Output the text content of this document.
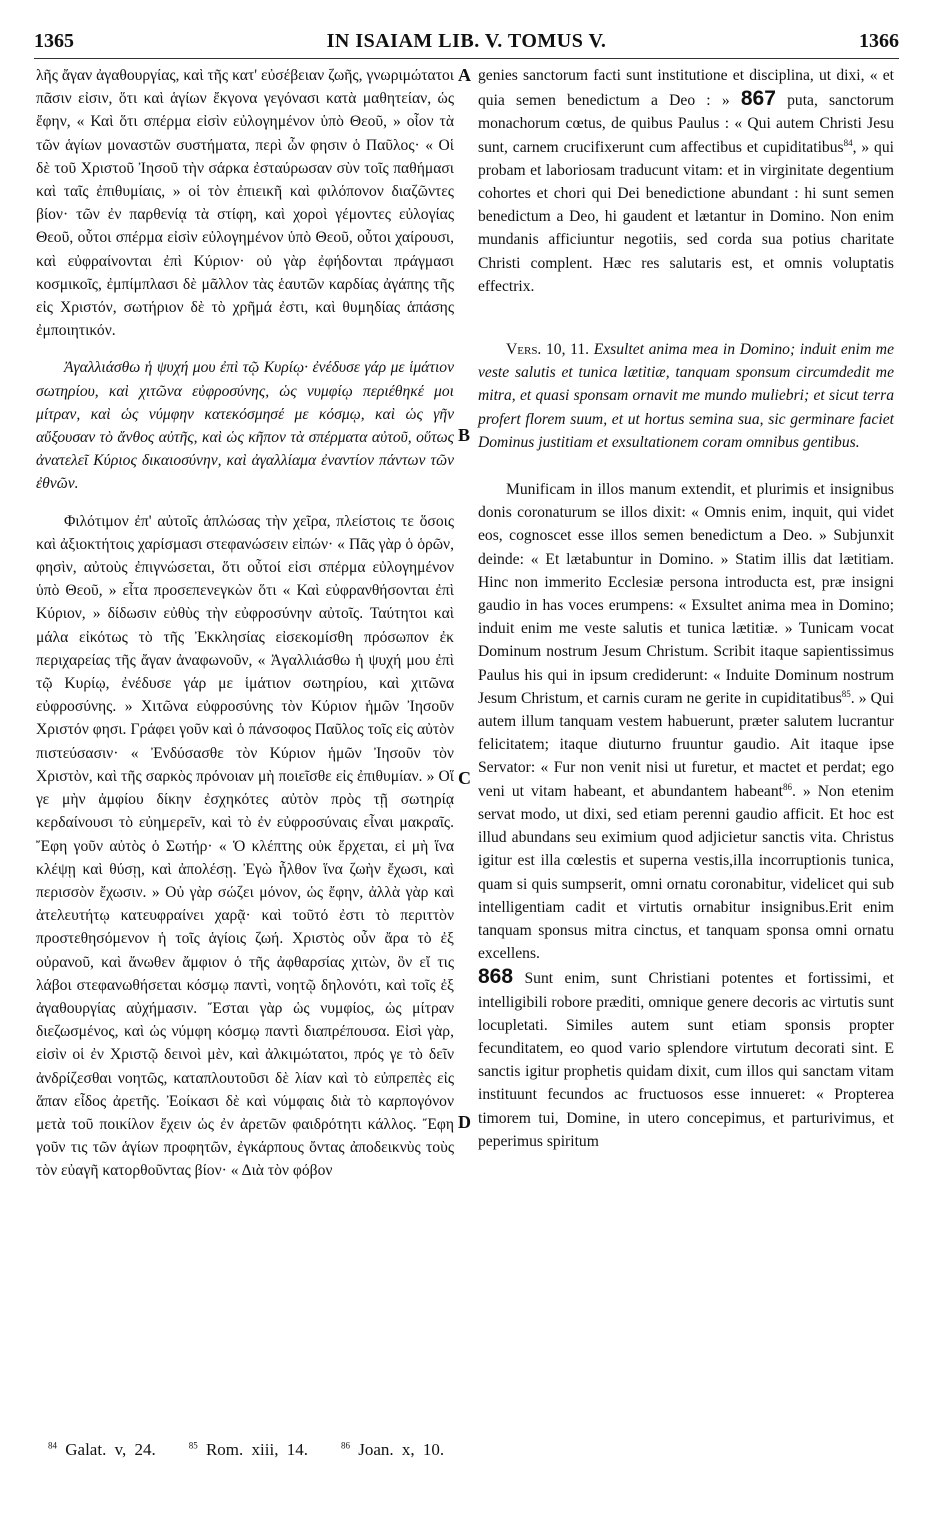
1365	IN ISAIAM LIB. V. TOMUS V.	1366
A
B
C
D

λῆς ἄγαν ἀγαθουργίας, καὶ τῆς κατ' εὐσέβειαν ζωῆς, γνωριμώτατοι πᾶσιν εἰσιν, ὅτι καὶ ἁγίων ἔκγονα γεγόνασι κατὰ μαθητείαν, ὡς ἔφην, « Καὶ ὅτι σπέρμα εἰσὶν εὐλογημένον ὑπὸ Θεοῦ, » οἷον τὰ τῶν ἁγίων μοναστῶν συστήματα, περὶ ὧν φησιν ὁ Παῦλος· « Οἱ δὲ τοῦ Χριστοῦ Ἰησοῦ τὴν σάρκα ἐσταύρωσαν σὺν τοῖς παθήμασι καὶ ταῖς ἐπιθυμίαις, » οἱ τὸν ἐπιεικῆ καὶ φιλόπονον διαζῶντες βίον· τῶν ἐν παρθενίᾳ τὰ στίφη, καὶ χοροὶ γέμοντες εὐλογίας Θεοῦ, οὗτοι σπέρμα εἰσὶν εὐλογημένον ὑπὸ Θεοῦ, οὗτοι χαίρουσι, καὶ εὐφραίνονται ἐπὶ Κύριον· οὐ γὰρ ἐφήδονται πράγμασι κοσμικοῖς, ἐμπίμπλασι δὲ μᾶλλον τὰς ἑαυτῶν καρδίας ἀγάπης τῆς εἰς Χριστόν, σωτήριον δὲ τὸ χρῆμά ἐστι, καὶ θυμηδίας ἁπάσης ἐμποιητικόν.

Ἀγαλλιάσθω ἡ ψυχή μου ἐπὶ τῷ Κυρίῳ· ἐνέδυσε γάρ με ἱμάτιον σωτηρίου, καὶ χιτῶνα εὐφροσύνης, ὡς νυμφίῳ περιέθηκέ μοι μίτραν, καὶ ὡς νύμφην κατεκόσμησέ με κόσμῳ, καὶ ὡς γῆν αὔξουσαν τὸ ἄνθος αὐτῆς, καὶ ὡς κῆπον τὰ σπέρματα αὐτοῦ, οὕτως ἀνατελεῖ Κύριος δικαιοσύνην, καὶ ἀγαλλίαμα ἐναντίον πάντων τῶν ἐθνῶν.

Φιλότιμον ἐπ' αὐτοῖς ἁπλώσας τὴν χεῖρα, πλείστοις τε ὅσοις καὶ ἀξιοκτήτοις χαρίσμασι στεφανώσειν εἰπών· « Πᾶς γὰρ ὁ ὁρῶν, φησὶν, αὐτοὺς ἐπιγνώσεται, ὅτι οὗτοί εἰσι σπέρμα εὐλογημένον ὑπὸ Θεοῦ, » εἶτα προσεπενεγκὼν ὅτι « Καὶ εὐφρανθήσονται ἐπὶ Κύριον, » δίδωσιν εὐθὺς τὴν εὐφροσύνην αὐτοῖς. Ταύτητοι καὶ μάλα εἰκότως τὸ τῆς Ἐκκλησίας εἰσεκομίσθη πρόσωπον ἐκ περιχαρείας τῆς ἄγαν ἀναφωνοῦν, « Ἀγαλλιάσθω ἡ ψυχή μου ἐπὶ τῷ Κυρίῳ, ἐνέδυσε γάρ με ἱμάτιον σωτηρίου, καὶ χιτῶνα εὐφροσύνης. » Χιτῶνα εὐφροσύνης τὸν Κύριον ἡμῶν Ἰησοῦν Χριστόν φησι. Γράφει γοῦν καὶ ὁ πάνσοφος Παῦλος τοῖς εἰς αὐτὸν πιστεύσασιν· « Ἐνδύσασθε τὸν Κύριον ἡμῶν Ἰησοῦν τὸν Χριστὸν, καὶ τῆς σαρκὸς πρόνοιαν μὴ ποιεῖσθε εἰς ἐπιθυμίαν. » Οἵ γε μὴν ἀμφίου δίκην ἐσχηκότες αὐτὸν πρὸς τῇ σωτηρίᾳ κερδαίνουσι τὸ εὐημερεῖν, καὶ τὸ ἐν εὐφροσύναις εἶναι μακραῖς. Ἔφη γοῦν αὐτὸς ὁ Σωτήρ· « Ὁ κλέπτης οὐκ ἔρχεται, εἰ μὴ ἵνα κλέψῃ καὶ θύσῃ, καὶ ἀπολέσῃ. Ἐγὼ ἦλθον ἵνα ζωὴν ἔχωσι, καὶ περισσὸν ἔχωσιν. » Οὐ γὰρ σώζει μόνον, ὡς ἔφην, ἀλλὰ γὰρ καὶ ἀτελευτήτῳ κατευφραίνει χαρᾷ· καὶ τοῦτό ἐστι τὸ περιττὸν προστεθησόμενον ἡ τοῖς ἁγίοις ζωή. Χριστὸς οὖν ἄρα τὸ ἐξ οὐρανοῦ, καὶ ἄνωθεν ἄμφιον ὁ τῆς ἀφθαρσίας χιτὼν, ὃν εἴ τις λάβοι στεφανωθήσεται κόσμῳ παντὶ, νοητῷ δηλονότι, καὶ τοῖς ἐξ ἀγαθουργίας αὐχήμασιν. Ἔσται γὰρ ὡς νυμφίος, ὡς μίτραν διεζωσμένος, καὶ ὡς νύμφη κόσμῳ παντὶ διαπρέπουσα. Εἰσὶ γὰρ, εἰσὶν οἱ ἐν Χριστῷ δεινοὶ μὲν, καὶ ἀλκιμώτατοι, πρός γε τὸ δεῖν ἀνδρίζεσθαι νοητῶς, καταπλουτοῦσι δὲ λίαν καὶ τὸ εὐπρεπὲς εἰς ἅπαν εἶδος ἀρετῆς. Ἐοίκασι δὲ καὶ νύμφαις διὰ τὸ καρπογόνον μετὰ τοῦ ποικίλον ἔχειν ὡς ἐν ἀρετῶν φαιδρότητι κάλλος. Ἔφη γοῦν τις τῶν ἁγίων προφητῶν, ἐγκάρπους ὄντας ἀποδεικνὺς τοὺς τὸν εὐαγῆ κατορθοῦντας βίον· « Διὰ τὸν φόβον

genies sanctorum facti sunt institutione et disciplina, ut dixi, « et quia semen benedictum a Deo : » 867 puta, sanctorum monachorum cœtus, de quibus Paulus : « Qui autem Christi Jesu sunt, carnem crucifixerunt cum affectibus et cupiditatibus$^{84}$, » qui probam et laboriosam traducunt vitam: et in virginitate degentium cohortes et chori qui Dei benedictione abundant : hi sunt semen benedictum a Deo, hi gaudent et lætantur in Domino. Non enim mundanis afficiuntur negotiis, sed corda sua potius charitate Christi complent. Hæc res salutaris est, et omnis voluptatis effectrix.

Vers. 10, 11. Exsultet anima mea in Domino; induit enim me veste salutis et tunica lætitiæ, tanquam sponsum circumdedit me mitra, et quasi sponsam ornavit me mundo muliebri; et sicut terra profert florem suum, et ut hortus semina sua, sic germinare faciet Dominus justitiam et exsultationem coram omnibus gentibus.

Munificam in illos manum extendit, et plurimis et insignibus donis coronaturum se illos dixit: « Omnis enim, inquit, qui videt eos, cognoscet esse illos semen benedictum a Deo. » Subjunxit deinde: « Et lætabuntur in Domino. » Statim illis dat lætitiam. Hinc non immerito Ecclesiæ persona introducta est, præ insigni gaudio in has voces erumpens: « Exsultet anima mea in Domino; induit enim me veste salutis et tunica lætitiæ. » Tunicam vocat Dominum nostrum Jesum Christum. Scribit itaque sapientissimus Paulus his qui in ipsum crediderunt: « Induite Dominum nostrum Jesum Christum, et carnis curam ne gerite in cupiditatibus$^{85}$. » Qui autem illum tanquam vestem habuerunt, præter salutem lucrantur felicitatem; itaque diuturno fruuntur gaudio. Ait itaque ipse Servator: « Fur non venit nisi ut furetur, et mactet et perdat; ego veni ut vitam habeant, et abundantem habeant$^{86}$. » Non etenim servat modo, ut dixi, sed etiam perenni gaudio afficit. Et hoc est illud abundans seu eximium quod adjicietur sanctis vita. Christus igitur est illa cœlestis et superna vestis,illa incorruptionis tunica, quam si quis sumpserit, omni ornatu coronabitur, videlicet qui sub intelligentiam cadit et virtutis ornabitur insignibus.Erit enim tanquam sponsus mitra cinctus, et tanquam sponsa omni ornatu excellens.

868 Sunt enim, sunt Christiani potentes et fortissimi, et intelligibili robore præditi, omnique genere decoris ac virtutis sunt locupletati. Similes autem sunt etiam sponsis propter fecunditatem, eo quod vario splendore virtutum decorati sint. E sanctis igitur prophetis quidam dixit, cum illos qui sanctam vitam instituunt fecundos ac fructuosos esse innueret: « Propterea timorem tui, Domine, in utero concepimus, et parturivimus, et peperimus spiritum

$^{84}$ Galat. v, 24.	$^{85}$ Rom. xiii, 14.	$^{86}$ Joan. x, 10.
